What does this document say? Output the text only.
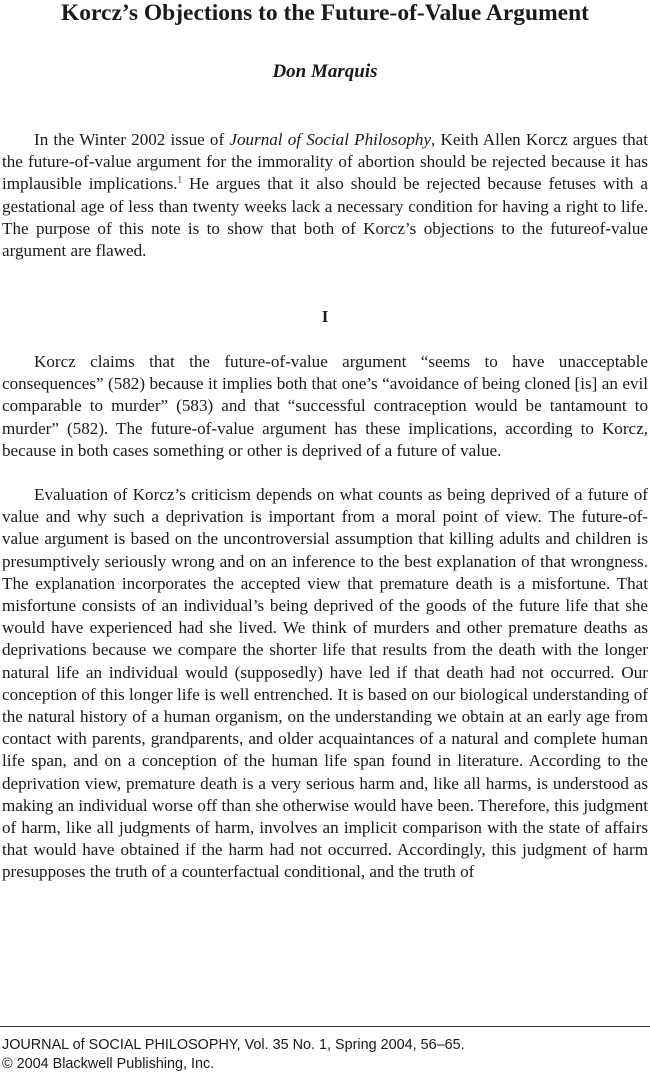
Korcz’s Objections to the Future-of-Value Argument
Don Marquis

In the Winter 2002 issue of Journal of Social Philosophy, Keith Allen Korcz argues that the future-of-value argument for the immorality of abortion should be rejected because it has implausible implications.$^1$ He argues that it also should be rejected because fetuses with a gestational age of less than twenty weeks lack a necessary condition for having a right to life. The purpose of this note is to show that both of Korcz’s objections to the futureof-value argument are flawed.

I

Korcz claims that the future-of-value argument “seems to have unacceptable consequences” (582) because it implies both that one’s “avoidance of being cloned [is] an evil comparable to murder” (583) and that “successful contraception would be tantamount to murder” (582). The future-of-value argument has these implications, according to Korcz, because in both cases something or other is deprived of a future of value.

Evaluation of Korcz’s criticism depends on what counts as being deprived of a future of value and why such a deprivation is important from a moral point of view. The future-of-value argument is based on the uncontroversial assumption that killing adults and children is presumptively seriously wrong and on an inference to the best explanation of that wrongness. The explanation incorporates the accepted view that premature death is a misfortune. That misfortune consists of an individual’s being deprived of the goods of the future life that she would have experienced had she lived. We think of murders and other premature deaths as deprivations because we compare the shorter life that results from the death with the longer natural life an individual would (supposedly) have led if that death had not occurred. Our conception of this longer life is well entrenched. It is based on our biological understanding of the natural history of a human organism, on the understanding we obtain at an early age from contact with parents, grandparents, and older acquaintances of a natural and complete human life span, and on a conception of the human life span found in literature. According to the deprivation view, premature death is a very serious harm and, like all harms, is understood as making an individual worse off than she otherwise would have been. Therefore, this judgment of harm, like all judgments of harm, involves an implicit comparison with the state of affairs that would have obtained if the harm had not occurred. Accordingly, this judgment of harm presupposes the truth of a counterfactual conditional, and the truth of

JOURNAL of SOCIAL PHILOSOPHY, Vol. 35 No. 1, Spring 2004, 56–65.
© 2004 Blackwell Publishing, Inc.
